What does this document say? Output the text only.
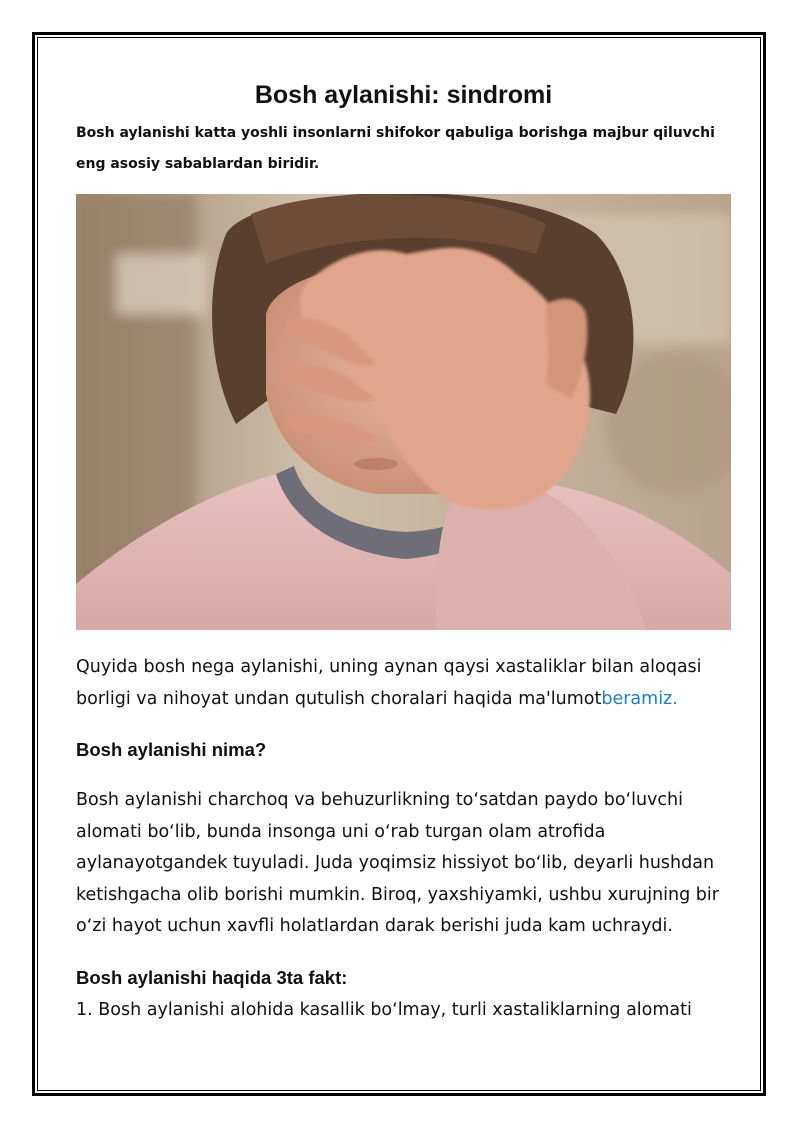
Bosh aylanishi: sindromi
Bosh aylanishi katta yoshli insonlarni shifokor qabuliga borishga majbur qiluvchi eng asosiy sabablardan biridir.

Quyida bosh nega aylanishi, uning aynan qaysi xastaliklar bilan aloqasi borligi va nihoyat undan qutulish choralari haqida ma'lumotberamiz.

Bosh aylanishi nima?

Bosh aylanishi charchoq va behuzurlikning toʻsatdan paydo boʻluvchi alomati boʻlib, bunda insonga uni oʻrab turgan olam atrofida aylanayotgandek tuyuladi. Juda yoqimsiz hissiyot boʻlib, deyarli hushdan ketishgacha olib borishi mumkin. Biroq, yaxshiyamki, ushbu xurujning bir oʻzi hayot uchun xavfli holatlardan darak berishi juda kam uchraydi.

Bosh aylanishi haqida 3ta fakt:

1. Bosh aylanishi alohida kasallik boʻlmay, turli xastaliklarning alomati
